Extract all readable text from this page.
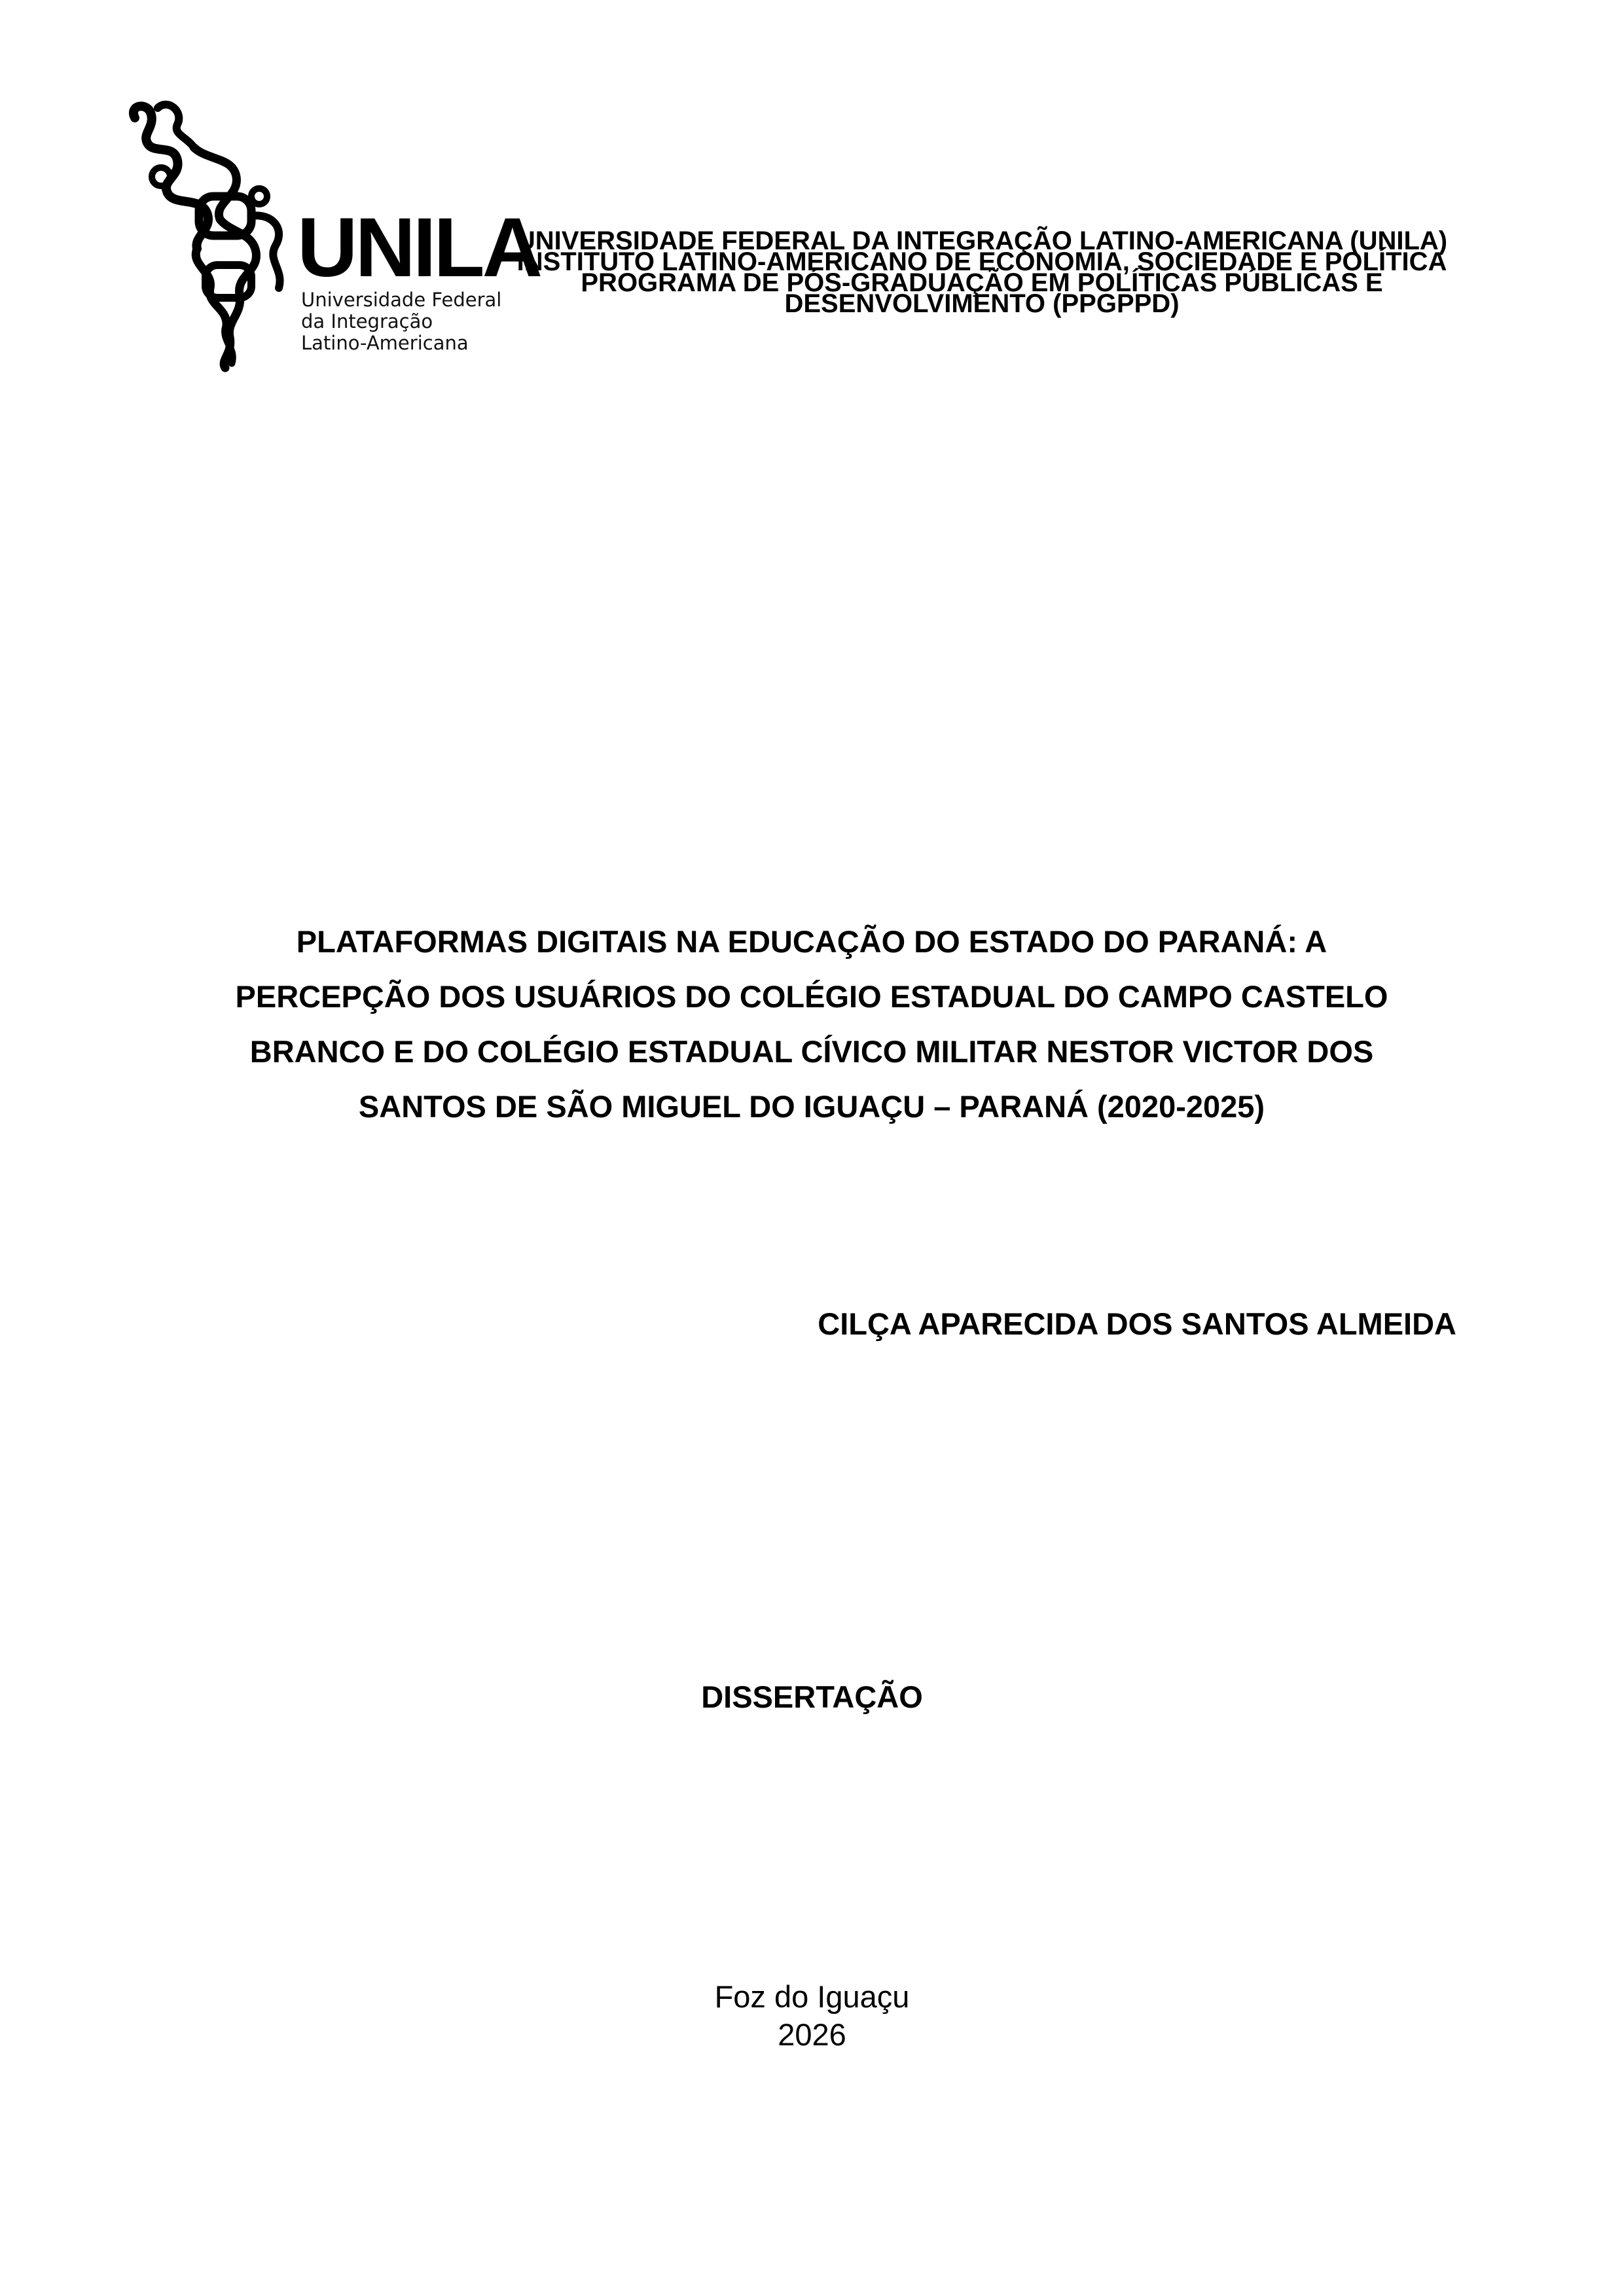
UNILA
Universidade Federal
da Integração
Latino-Americana
UNIVERSIDADE FEDERAL DA INTEGRAÇÃO LATINO-AMERICANA (UNILA)
INSTITUTO LATINO-AMERICANO DE ECONOMIA, SOCIEDADE E POLÍTICA
PROGRAMA DE PÓS-GRADUAÇÃO EM POLÍTICAS PÚBLICAS E
DESENVOLVIMENTO (PPGPPD)
PLATAFORMAS DIGITAIS NA EDUCAÇÃO DO ESTADO DO PARANÁ: A
PERCEPÇÃO DOS USUÁRIOS DO COLÉGIO ESTADUAL DO CAMPO CASTELO
BRANCO E DO COLÉGIO ESTADUAL CÍVICO MILITAR NESTOR VICTOR DOS
SANTOS DE SÃO MIGUEL DO IGUAÇU – PARANÁ (2020-2025)
CILÇA APARECIDA DOS SANTOS ALMEIDA
DISSERTAÇÃO
Foz do Iguaçu
2026
